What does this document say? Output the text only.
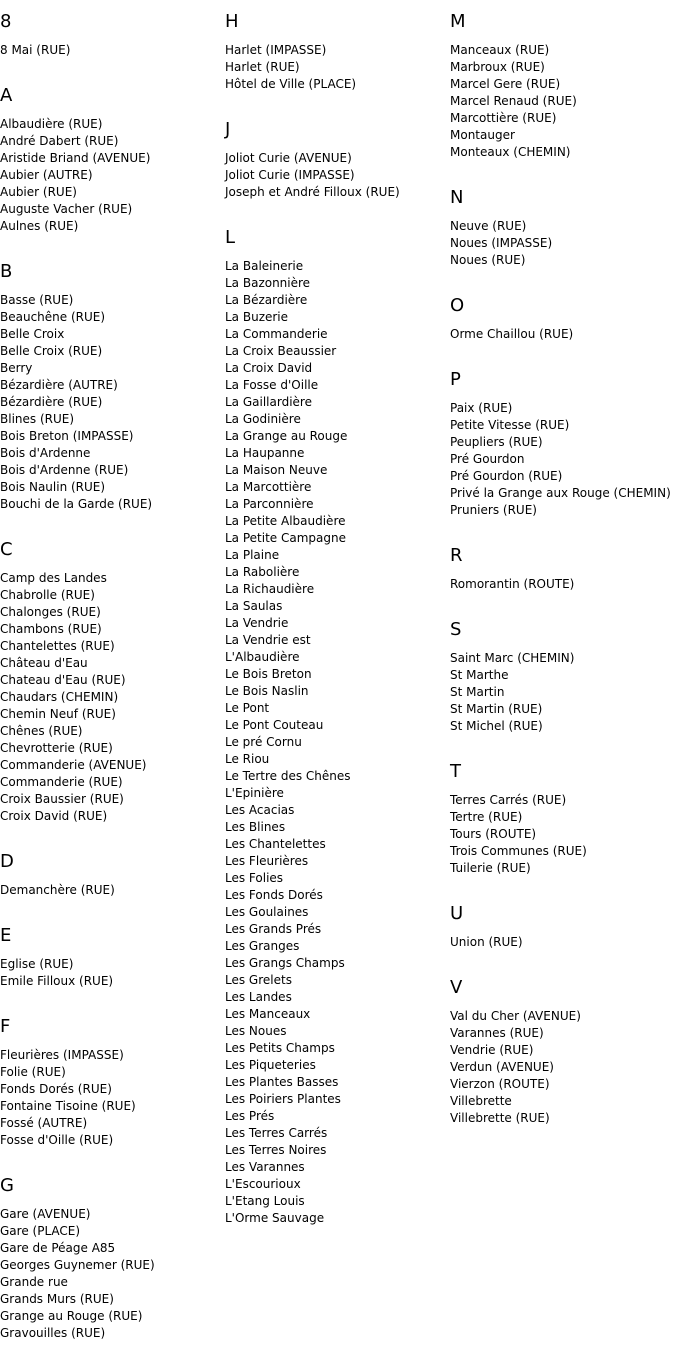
8
8 Mai (RUE)
A
Albaudière (RUE)
André Dabert (RUE)
Aristide Briand (AVENUE)
Aubier (AUTRE)
Aubier (RUE)
Auguste Vacher (RUE)
Aulnes (RUE)
B
Basse (RUE)
Beauchêne (RUE)
Belle Croix
Belle Croix (RUE)
Berry
Bézardière (AUTRE)
Bézardière (RUE)
Blines (RUE)
Bois Breton (IMPASSE)
Bois d'Ardenne
Bois d'Ardenne (RUE)
Bois Naulin (RUE)
Bouchi de la Garde (RUE)
C
Camp des Landes
Chabrolle (RUE)
Chalonges (RUE)
Chambons (RUE)
Chantelettes (RUE)
Château d'Eau
Chateau d'Eau (RUE)
Chaudars (CHEMIN)
Chemin Neuf (RUE)
Chênes (RUE)
Chevrotterie (RUE)
Commanderie (AVENUE)
Commanderie (RUE)
Croix Baussier (RUE)
Croix David (RUE)
D
Demanchère (RUE)
E
Eglise (RUE)
Emile Filloux (RUE)
F
Fleurières (IMPASSE)
Folie (RUE)
Fonds Dorés (RUE)
Fontaine Tisoine (RUE)
Fossé (AUTRE)
Fosse d'Oille (RUE)
G
Gare (AVENUE)
Gare (PLACE)
Gare de Péage A85
Georges Guynemer (RUE)
Grande rue
Grands Murs (RUE)
Grange au Rouge (RUE)
Gravouilles (RUE)
H
Harlet (IMPASSE)
Harlet (RUE)
Hôtel de Ville (PLACE)
J
Joliot Curie (AVENUE)
Joliot Curie (IMPASSE)
Joseph et André Filloux (RUE)
L
La Baleinerie
La Bazonnière
La Bézardière
La Buzerie
La Commanderie
La Croix Beaussier
La Croix David
La Fosse d'Oille
La Gaillardière
La Godinière
La Grange au Rouge
La Haupanne
La Maison Neuve
La Marcottière
La Parconnière
La Petite Albaudière
La Petite Campagne
La Plaine
La Rabolière
La Richaudière
La Saulas
La Vendrie
La Vendrie est
L'Albaudière
Le Bois Breton
Le Bois Naslin
Le Pont
Le Pont Couteau
Le pré Cornu
Le Riou
Le Tertre des Chênes
L'Epinière
Les Acacias
Les Blines
Les Chantelettes
Les Fleurières
Les Folies
Les Fonds Dorés
Les Goulaines
Les Grands Prés
Les Granges
Les Grangs Champs
Les Grelets
Les Landes
Les Manceaux
Les Noues
Les Petits Champs
Les Piqueteries
Les Plantes Basses
Les Poiriers Plantes
Les Prés
Les Terres Carrés
Les Terres Noires
Les Varannes
L'Escourioux
L'Etang Louis
L'Orme Sauvage
M
Manceaux (RUE)
Marbroux (RUE)
Marcel Gere (RUE)
Marcel Renaud (RUE)
Marcottière (RUE)
Montauger
Monteaux (CHEMIN)
N
Neuve (RUE)
Noues (IMPASSE)
Noues (RUE)
O
Orme Chaillou (RUE)
P
Paix (RUE)
Petite Vitesse (RUE)
Peupliers (RUE)
Pré Gourdon
Pré Gourdon (RUE)
Privé la Grange aux Rouge (CHEMIN)
Pruniers (RUE)
R
Romorantin (ROUTE)
S
Saint Marc (CHEMIN)
St Marthe
St Martin
St Martin (RUE)
St Michel (RUE)
T
Terres Carrés (RUE)
Tertre (RUE)
Tours (ROUTE)
Trois Communes (RUE)
Tuilerie (RUE)
U
Union (RUE)
V
Val du Cher (AVENUE)
Varannes (RUE)
Vendrie (RUE)
Verdun (AVENUE)
Vierzon (ROUTE)
Villebrette
Villebrette (RUE)
